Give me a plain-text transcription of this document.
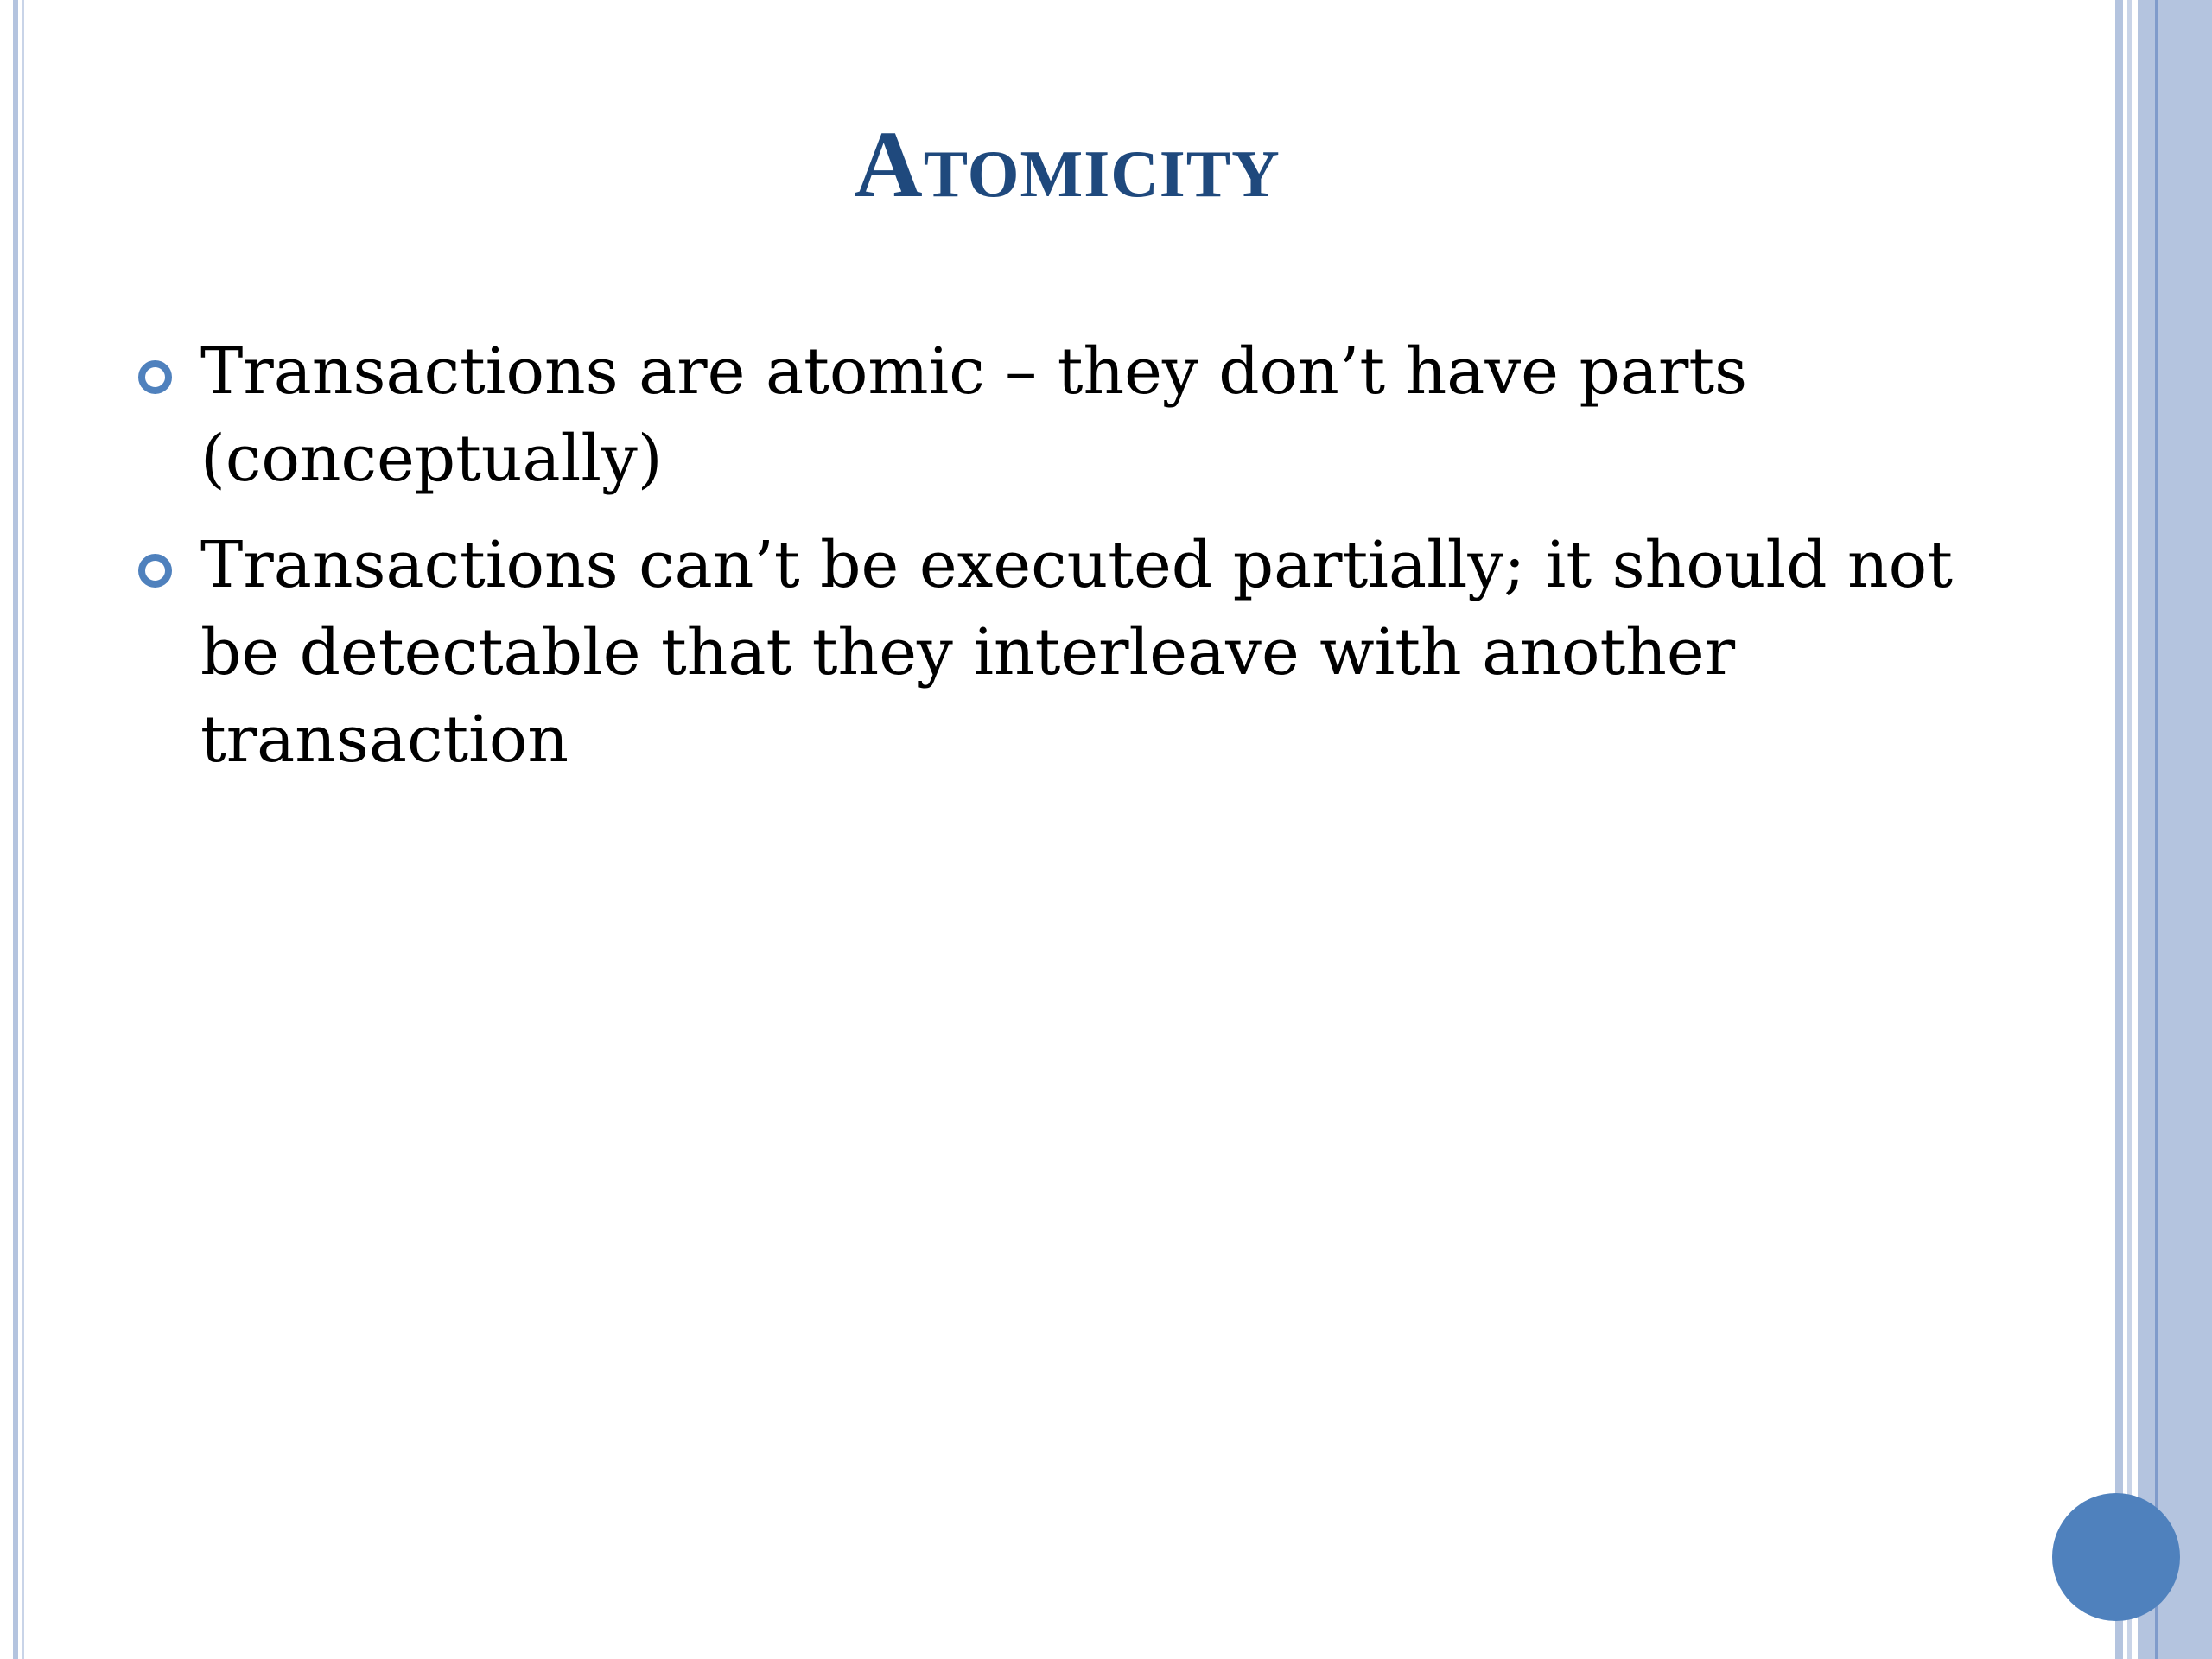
Atomicity
Transactions are atomic – they don’t have parts (conceptually)
Transactions can’t be executed partially; it should not be detectable that they interleave with another transaction
